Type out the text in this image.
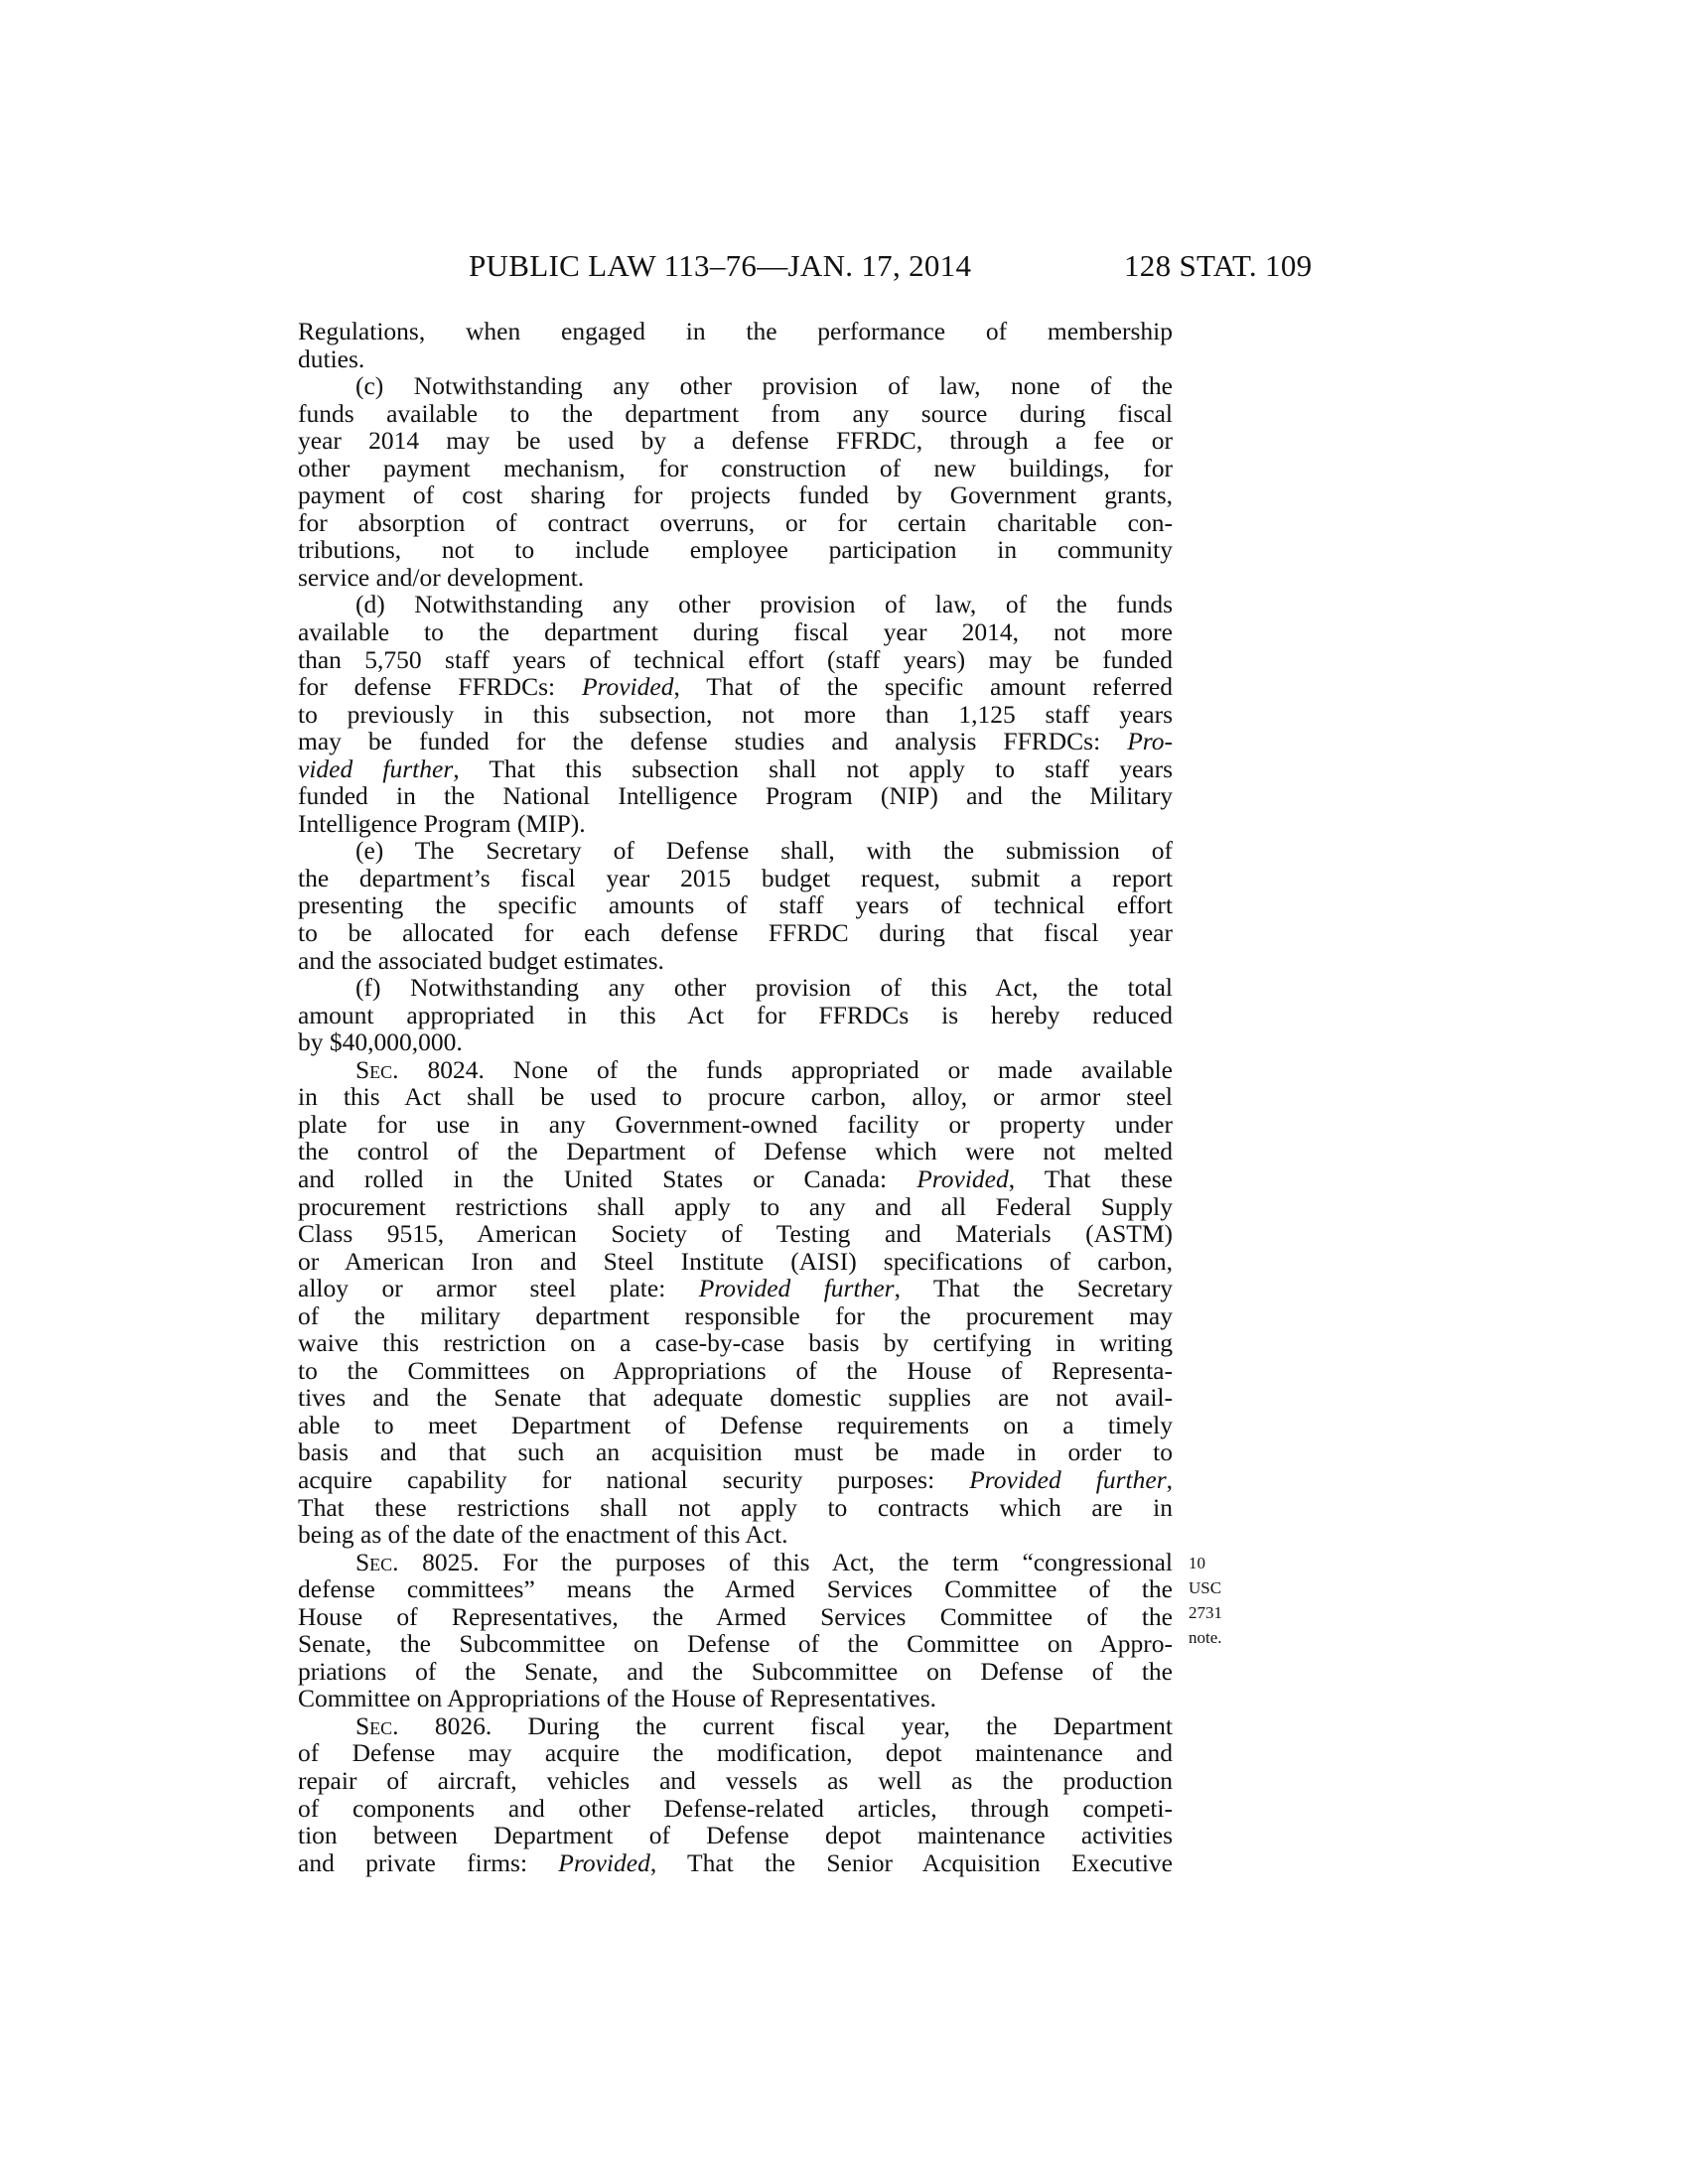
PUBLIC LAW 113–76—JAN. 17, 2014	128 STAT. 109
Regulations, when engaged in the performance of membership
duties.
(c) Notwithstanding any other provision of law, none of the
funds available to the department from any source during fiscal
year 2014 may be used by a defense FFRDC, through a fee or
other payment mechanism, for construction of new buildings, for
payment of cost sharing for projects funded by Government grants,
for absorption of contract overruns, or for certain charitable con-
tributions, not to include employee participation in community
service and/or development.
(d) Notwithstanding any other provision of law, of the funds
available to the department during fiscal year 2014, not more
than 5,750 staff years of technical effort (staff years) may be funded
for defense FFRDCs: Provided, That of the specific amount referred
to previously in this subsection, not more than 1,125 staff years
may be funded for the defense studies and analysis FFRDCs: Pro-
vided further, That this subsection shall not apply to staff years
funded in the National Intelligence Program (NIP) and the Military
Intelligence Program (MIP).
(e) The Secretary of Defense shall, with the submission of
the department’s fiscal year 2015 budget request, submit a report
presenting the specific amounts of staff years of technical effort
to be allocated for each defense FFRDC during that fiscal year
and the associated budget estimates.
(f) Notwithstanding any other provision of this Act, the total
amount appropriated in this Act for FFRDCs is hereby reduced
by $40,000,000.
Sec. 8024. None of the funds appropriated or made available
in this Act shall be used to procure carbon, alloy, or armor steel
plate for use in any Government-owned facility or property under
the control of the Department of Defense which were not melted
and rolled in the United States or Canada: Provided, That these
procurement restrictions shall apply to any and all Federal Supply
Class 9515, American Society of Testing and Materials (ASTM)
or American Iron and Steel Institute (AISI) specifications of carbon,
alloy or armor steel plate: Provided further, That the Secretary
of the military department responsible for the procurement may
waive this restriction on a case-by-case basis by certifying in writing
to the Committees on Appropriations of the House of Representa-
tives and the Senate that adequate domestic supplies are not avail-
able to meet Department of Defense requirements on a timely
basis and that such an acquisition must be made in order to
acquire capability for national security purposes: Provided further,
That these restrictions shall not apply to contracts which are in
being as of the date of the enactment of this Act.
Sec. 8025. For the purposes of this Act, the term “congressional 10 USC 2731
note.
defense committees” means the Armed Services Committee of the
House of Representatives, the Armed Services Committee of the
Senate, the Subcommittee on Defense of the Committee on Appro-
priations of the Senate, and the Subcommittee on Defense of the
Committee on Appropriations of the House of Representatives.
Sec. 8026. During the current fiscal year, the Department
of Defense may acquire the modification, depot maintenance and
repair of aircraft, vehicles and vessels as well as the production
of components and other Defense-related articles, through competi-
tion between Department of Defense depot maintenance activities
and private firms: Provided, That the Senior Acquisition Executive
